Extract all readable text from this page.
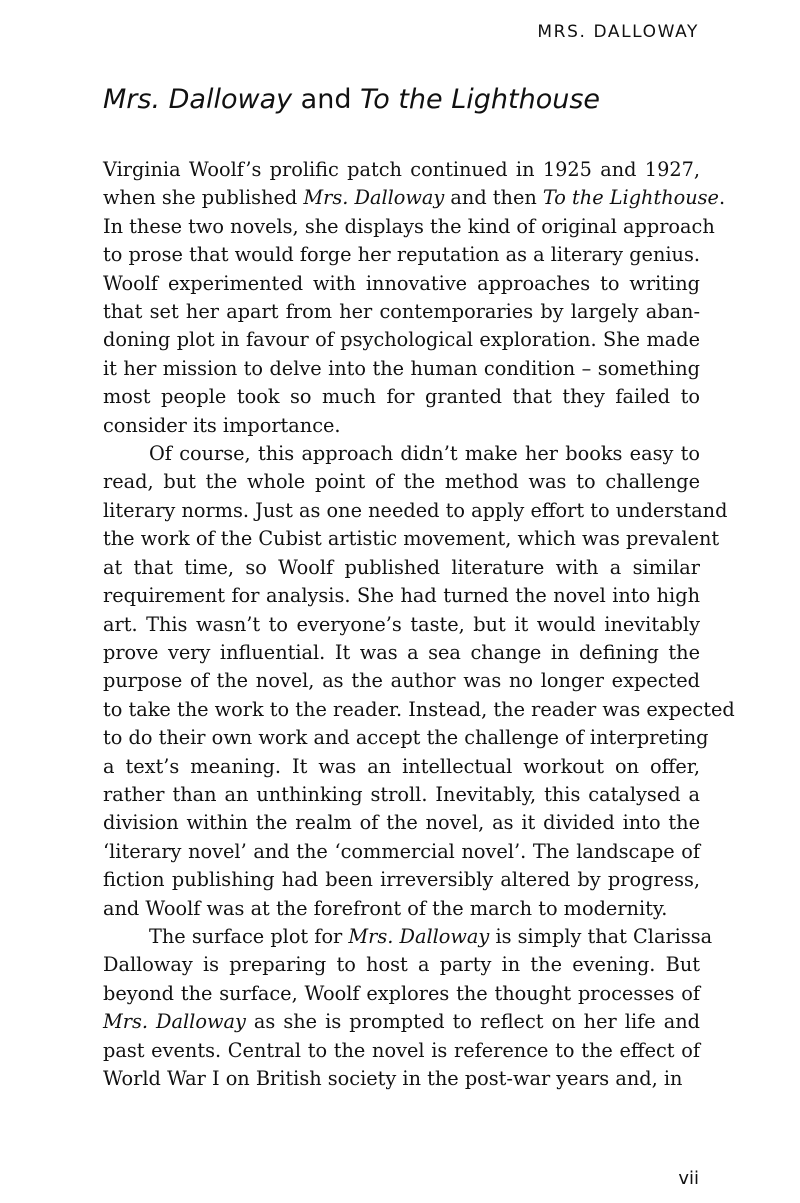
MRS. DALLOWAY
Mrs. Dalloway and To the Lighthouse

Virginia Woolf’s prolific patch continued in 1925 and 1927,
when she published Mrs. Dalloway and then To the Lighthouse.
In these two novels, she displays the kind of original approach
to prose that would forge her reputation as a literary genius.
Woolf experimented with innovative approaches to writing
that set her apart from her contemporaries by largely aban-
doning plot in favour of psychological exploration. She made
it her mission to delve into the human condition – something
most people took so much for granted that they failed to
consider its importance.

Of course, this approach didn’t make her books easy to
read, but the whole point of the method was to challenge
literary norms. Just as one needed to apply effort to understand
the work of the Cubist artistic movement, which was prevalent
at that time, so Woolf published literature with a similar
requirement for analysis. She had turned the novel into high
art. This wasn’t to everyone’s taste, but it would inevitably
prove very influential. It was a sea change in defining the
purpose of the novel, as the author was no longer expected
to take the work to the reader. Instead, the reader was expected
to do their own work and accept the challenge of interpreting
a text’s meaning. It was an intellectual workout on offer,
rather than an unthinking stroll. Inevitably, this catalysed a
division within the realm of the novel, as it divided into the
‘literary novel’ and the ‘commercial novel’. The landscape of
fiction publishing had been irreversibly altered by progress,
and Woolf was at the forefront of the march to modernity.

The surface plot for Mrs. Dalloway is simply that Clarissa
Dalloway is preparing to host a party in the evening. But
beyond the surface, Woolf explores the thought processes of
Mrs. Dalloway as she is prompted to reflect on her life and
past events. Central to the novel is reference to the effect of
World War I on British society in the post-war years and, in

vii
